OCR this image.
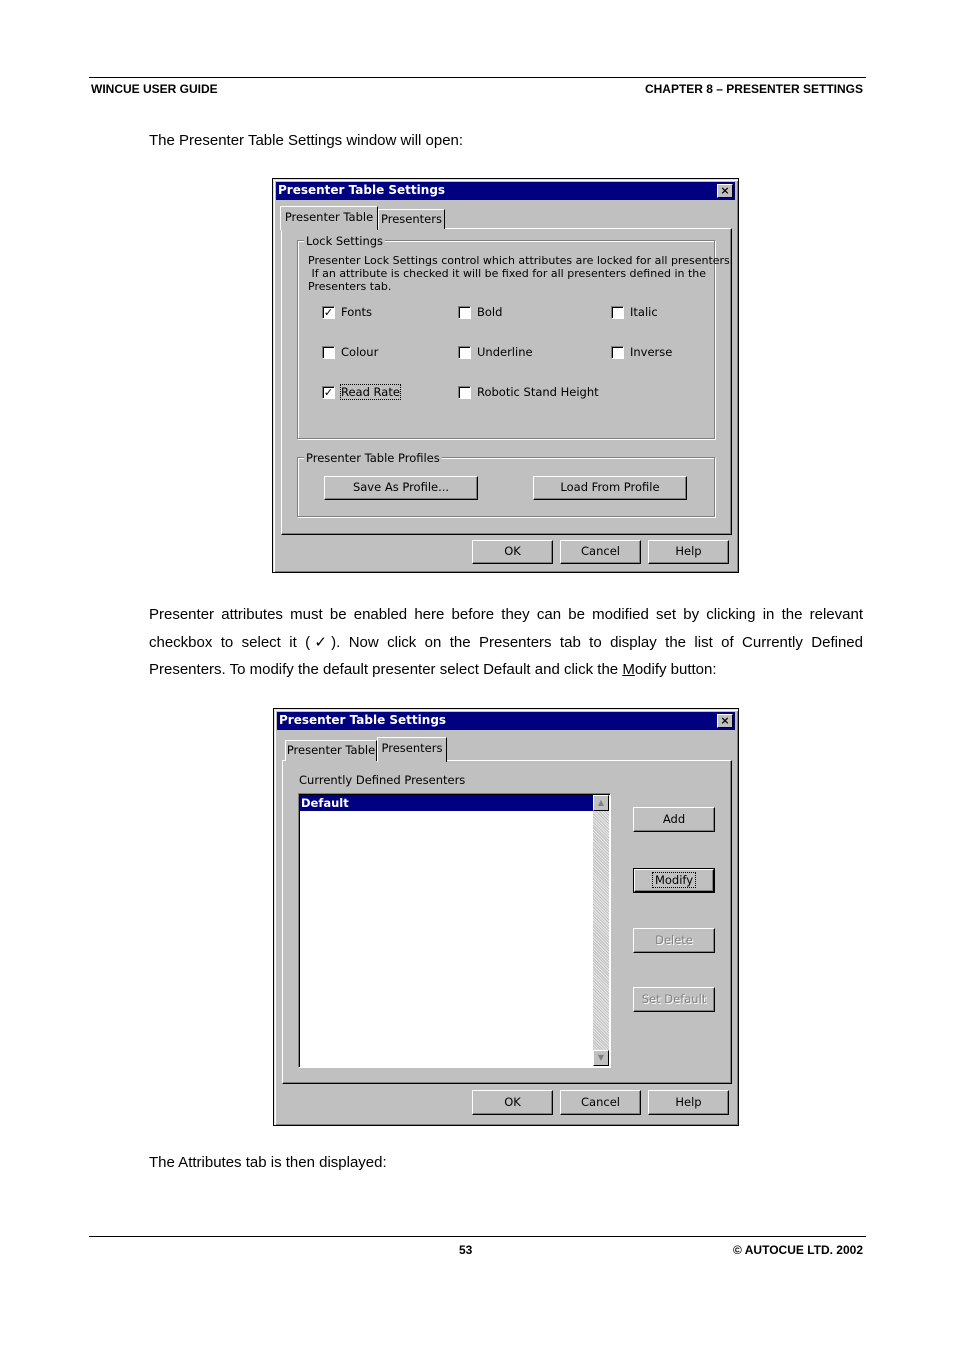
WINCUE USER GUIDE	CHAPTER 8 – PRESENTER SETTINGS
The Presenter Table Settings window will open:
Presenter Table Settings	×
Presenter Table Presenters
Lock Settings
Presenter Lock Settings control which attributes are locked for all presenters.
If an attribute is checked it will be fixed for all presenters defined in the
Presenters tab.
Presenter Table Profiles
Save As Profile...	Load From Profile
OK	Cancel	Help
✓ Fonts	Bold	Italic
Colour	Underline	Inverse
✓ Read Rate	Robotic Stand Height
Presenter attributes must be enabled here before they can be modified set by clicking in the relevant checkbox to select it (✓). Now click on the Presenters tab to display the list of Currently Defined Presenters. To modify the default presenter select Default and click the Modify button:
Presenter Table Settings	×
Presenter Table Presenters
Currently Defined Presenters
Default	▲
▼
Add
Modify
Delete
Set Default
OK	Cancel	Help
The Attributes tab is then displayed:
53	© AUTOCUE LTD. 2002
